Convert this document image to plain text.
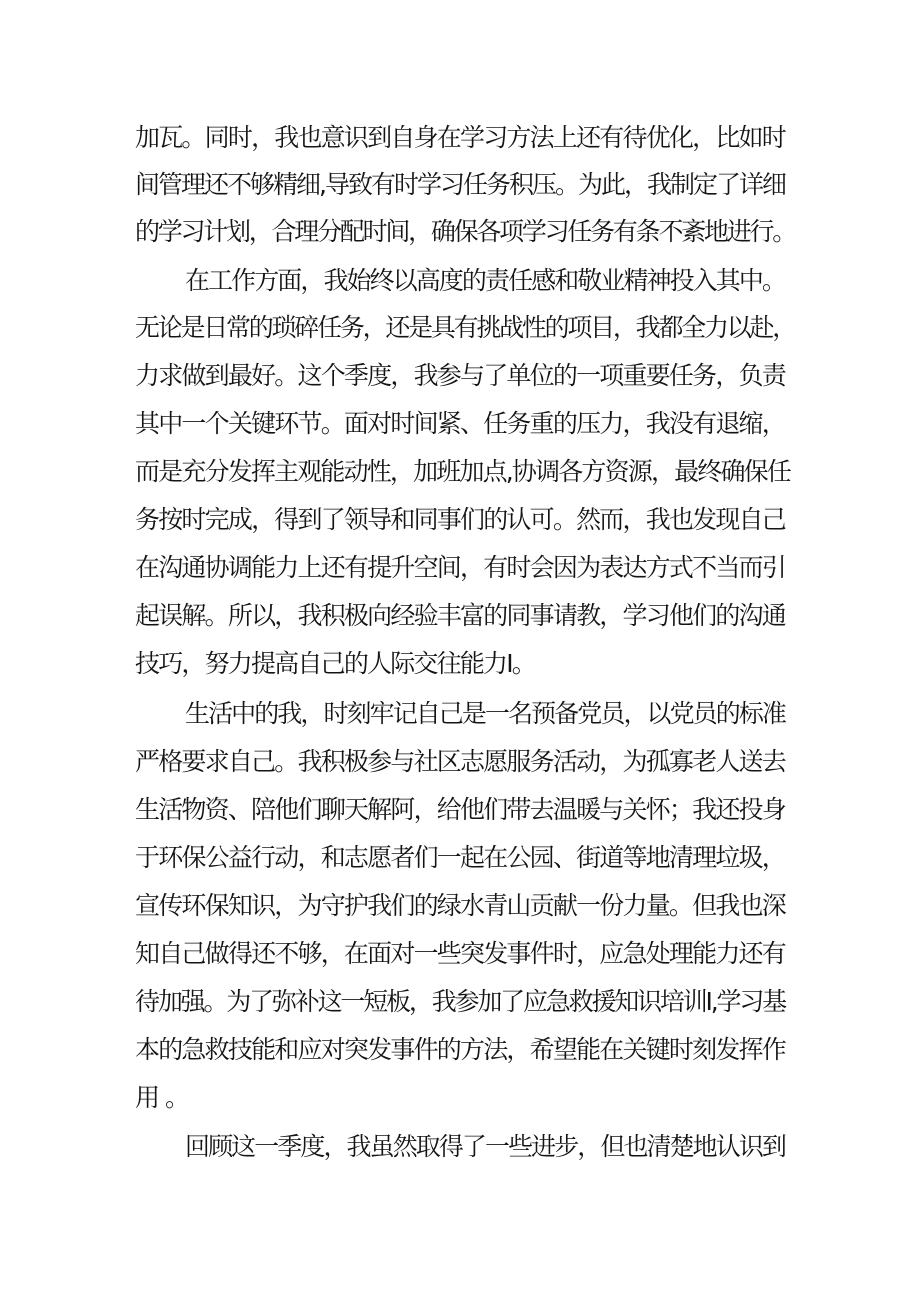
加瓦。同时，我也意识到自身在学习方法上还有待优化，比如时
间管理还不够精细,导致有时学习任务积压。为此，我制定了详细
的学习计划，合理分配时间，确保各项学习任务有条不紊地进行。
在工作方面，我始终以高度的责任感和敬业精神投入其中。
无论是日常的琐碎任务，还是具有挑战性的项目，我都全力以赴，
力求做到最好。这个季度，我参与了单位的一项重要任务，负责
其中一个关键环节。面对时间紧、任务重的压力，我没有退缩，
而是充分发挥主观能动性，加班加点,协调各方资源，最终确保任
务按时完成，得到了领导和同事们的认可。然而，我也发现自己
在沟通协调能力上还有提升空间，有时会因为表达方式不当而引
起误解。所以，我积极向经验丰富的同事请教，学习他们的沟通
技巧，努力提高自己的人际交往能力I。
生活中的我，时刻牢记自己是一名预备党员，以党员的标准
严格要求自己。我积极参与社区志愿服务活动，为孤寡老人送去
生活物资、陪他们聊天解阿，给他们带去温暖与关怀；我还投身
于环保公益行动，和志愿者们一起在公园、街道等地清理垃圾，
宣传环保知识，为守护我们的绿水青山贡献一份力量。但我也深
知自己做得还不够，在面对一些突发事件时，应急处理能力还有
待加强。为了弥补这一短板，我参加了应急救援知识培训I,学习基
本的急救技能和应对突发事件的方法，希望能在关键时刻发挥作
用。
回顾这一季度，我虽然取得了一些进步，但也清楚地认识到
